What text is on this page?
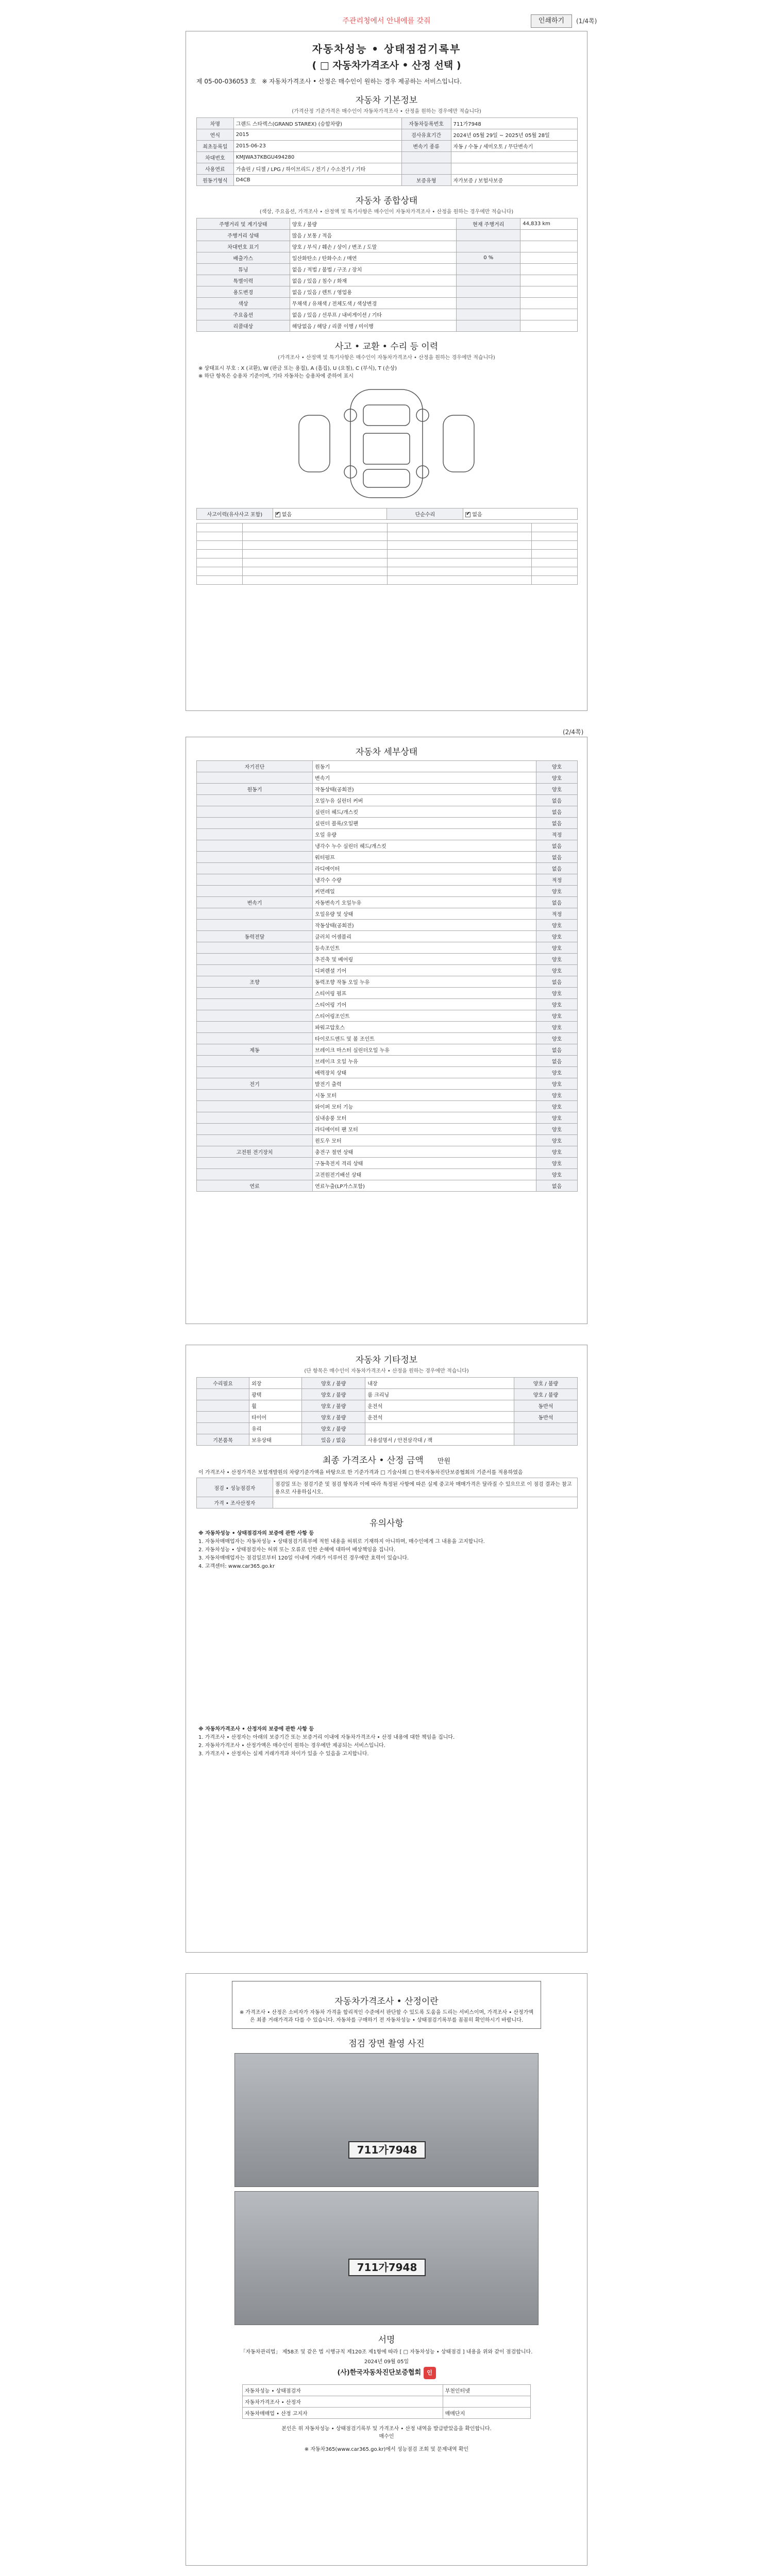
주관리청에서 안내에를 갖줘	인쇄하기	(1/4쪽)
자동차성능 • 상태점검기록부
( □ 자동차가격조사 • 산정 선택 )
제 05-00-036053 호 ※ 자동차가격조사 • 산정은 매수인이 원하는 경우 제공하는 서비스입니다.
자동차 기본정보
(가격산정 기준가격은 매수인이 자동차가격조사 • 산정을 원하는 경우에만 적습니다)
차명	그랜드 스타렉스(GRAND STAREX) (승합차량)	자동차등록번호	711가7948
연식	2015	검사유효기간	2024년 05월 29일 ~ 2025년 05월 28일
최초등록일	2015-06-23	변속기 종류	자동 / 수동 / 세미오토 / 무단변속기
차대번호	KMJWA37KBGU494280		
사용연료	가솔린 / 디젤 / LPG / 하이브리드 / 전기 / 수소전기 / 기타		
원동기형식	D4CB	보증유형	자가보증 / 보험사보증
자동차 종합상태
(색상, 주요옵션, 가격조사 • 산정액 및 특기사항은 매수인이 자동차가격조사 • 산정을 원하는 경우에만 적습니다)
주행거리 및 계기상태	양호 / 불량	현재 주행거리	44,833 km
주행거리 상태	많음 / 보통 / 적음		
차대번호 표기	양호 / 부식 / 훼손 / 상이 / 변조 / 도말		
배출가스	일산화탄소 / 탄화수소 / 매연	0 %	
튜닝	없음 / 적법 / 불법 / 구조 / 장치		
특별이력	없음 / 있음 / 침수 / 화재		
용도변경	없음 / 있음 / 렌트 / 영업용		
색상	무채색 / 유채색 / 전체도색 / 색상변경		
주요옵션	없음 / 있음 / 선루프 / 내비게이션 / 기타		
리콜대상	해당없음 / 해당 / 리콜 이행 / 미이행		
사고 • 교환 • 수리 등 이력
(가격조사 • 산정액 및 특기사항은 매수인이 자동차가격조사 • 산정을 원하는 경우에만 적습니다)
※ 상태표시 부호 : X (교환), W (판금 또는 용접), A (흠집), U (요철), C (부식), T (손상)
※ 하단 항목은 승용차 기준이며, 기타 자동차는 승용차에 준하여 표시
사고이력(유사사고 포함)	✔없음	단순수리	✔없음

(2/4쪽)
자동차 세부상태
자기진단	원동기	양호
	변속기	양호
원동기	작동상태(공회전)	양호
	오일누유 실린더 커버	없음
	실린더 헤드/개스킷	없음
	실린더 블록/오일팬	없음
	오일 유량	적정
	냉각수 누수 실린더 헤드/개스킷	없음
	워터펌프	없음
	라디에이터	없음
	냉각수 수량	적정
	커먼레일	양호
변속기	자동변속기 오일누유	없음
	오일유량 및 상태	적정
	작동상태(공회전)	양호
동력전달	클러치 어셈블리	양호
	등속조인트	양호
	추진축 및 베어링	양호
	디퍼렌셜 기어	양호
조향	동력조향 작동 오일 누유	없음
	스티어링 펌프	양호
	스티어링 기어	양호
	스티어링조인트	양호
	파워고압호스	양호
	타이로드엔드 및 볼 조인트	양호
제동	브레이크 마스터 실린더오일 누유	없음
	브레이크 오일 누유	없음
	배력장치 상태	양호
전기	발전기 출력	양호
	시동 모터	양호
	와이퍼 모터 기능	양호
	실내송풍 모터	양호
	라디에이터 팬 모터	양호
	윈도우 모터	양호
고전원 전기장치	충전구 절연 상태	양호
	구동축전지 격리 상태	양호
	고전원전기배선 상태	양호
연료	연료누출(LP가스포함)	없음
자동차 기타정보
(단 항목은 매수인이 자동차가격조사 • 산정을 원하는 경우에만 적습니다)
수리필요	외장	양호 / 불량	내장	양호 / 불량
	광택	양호 / 불량	룸 크리닝	양호 / 불량
	휠	양호 / 불량	운전석	동반석
	타이어	양호 / 불량	운전석	동반석
	유리	양호 / 불량		
기본품목	보유상태	있음 / 없음	사용설명서 / 안전삼각대 / 잭	
최종 가격조사 • 산정 금액 만원
이 가격조사 • 산정가격은 보험개발원의 차량기준가액을 바탕으로 한 기준가격과 □ 기술사회 □ 한국자동차진단보증협회의 기준서를 적용하였음
점검 • 성능점검자	점검일 또는 점검기준 및 점검 항목과 이에 따라 특정된 사항에 따른 실제 중고차 매매가격은 달라질 수 있으므로 이 점검 결과는 참고용으로 사용하십시오.
가격 • 조사산정자	
유의사항
※ 자동차성능 • 상태점검자의 보증에 관한 사항 등
1. 자동차매매업자는 자동차성능 • 상태점검기록부에 적힌 내용을 허위로 기재하지 아니하며, 매수인에게 그 내용을 고지합니다.
2. 자동차성능 • 상태점검자는 허위 또는 오류로 인한 손해에 대하여 배상책임을 집니다.
3. 자동차매매업자는 점검일로부터 120일 이내에 거래가 이루어진 경우에만 효력이 있습니다.
4. 고객센터: www.car365.go.kr
※ 자동차가격조사 • 산정자의 보증에 관한 사항 등
1. 가격조사 • 산정자는 아래의 보증기간 또는 보증거리 이내에 자동차가격조사 • 산정 내용에 대한 책임을 집니다.
2. 자동차가격조사 • 산정가액은 매수인이 원하는 경우에만 제공되는 서비스입니다.
3. 가격조사 • 산정자는 실제 거래가격과 차이가 있을 수 있음을 고지합니다.
자동차가격조사 • 산정이란
※ 가격조사 • 산정은 소비자가 자동차 가격을 합리적인 수준에서 판단할 수 있도록 도움을 드리는 서비스이며, 가격조사 • 산정가액은 최종 거래가격과 다를 수 있습니다. 자동차를 구매하기 전 자동차성능 • 상태점검기록부를 꼼꼼히 확인하시기 바랍니다.
점검 장면 촬영 사진
711가7948
711가7948
서명
「자동차관리법」 제58조 및 같은 법 시행규칙 제120조 제1항에 따라 [ □ 자동차성능 • 상태점검 ] 내용을 위와 같이 점검합니다.
2024년 09월 05일
(사)한국자동차진단보증협회 인
자동차성능 • 상태점검자	부천인터넷
자동차가격조사 • 산정자	
자동차매매업 • 산정 고지자	매매단지
본인은 위 자동차성능 • 상태점검기록부 및 가격조사 • 산정 내역을 발급받았음을 확인합니다.
매수인
※ 자동차365(www.car365.go.kr)에서 성능점검 조회 및 문제내역 확인
